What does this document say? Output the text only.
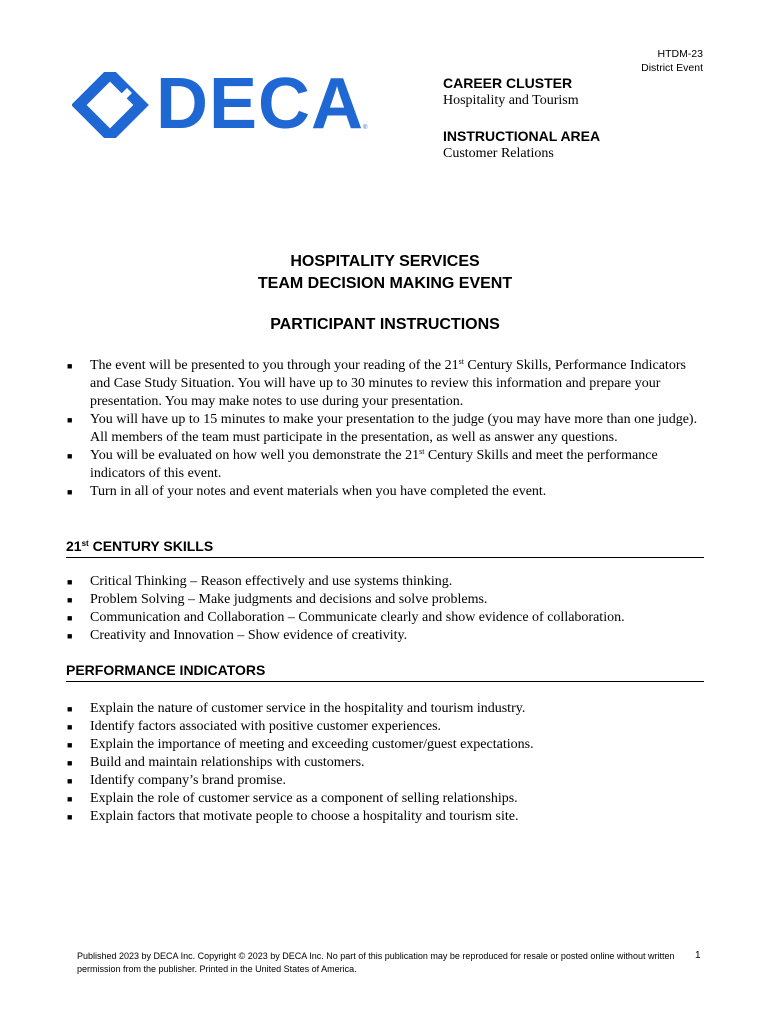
HTDM-23
District Event
DECA
®
CAREER CLUSTER
Hospitality and Tourism
INSTRUCTIONAL AREA
Customer Relations
HOSPITALITY SERVICES
TEAM DECISION MAKING EVENT
PARTICIPANT INSTRUCTIONS
■ The event will be presented to you through your reading of the 21st Century Skills, Performance Indicators and Case Study Situation. You will have up to 30 minutes to review this information and prepare your presentation. You may make notes to use during your presentation.
■ You will have up to 15 minutes to make your presentation to the judge (you may have more than one judge). All members of the team must participate in the presentation, as well as answer any questions.
■ You will be evaluated on how well you demonstrate the 21st Century Skills and meet the performance indicators of this event.
■ Turn in all of your notes and event materials when you have completed the event.
21st CENTURY SKILLS
■ Critical Thinking – Reason effectively and use systems thinking.
■ Problem Solving – Make judgments and decisions and solve problems.
■ Communication and Collaboration – Communicate clearly and show evidence of collaboration.
■ Creativity and Innovation – Show evidence of creativity.
PERFORMANCE INDICATORS
■ Explain the nature of customer service in the hospitality and tourism industry.
■ Identify factors associated with positive customer experiences.
■ Explain the importance of meeting and exceeding customer/guest expectations.
■ Build and maintain relationships with customers.
■ Identify company’s brand promise.
■ Explain the role of customer service as a component of selling relationships.
■ Explain factors that motivate people to choose a hospitality and tourism site.
Published 2023 by DECA Inc. Copyright © 2023 by DECA Inc. No part of this publication may be reproduced for resale or posted online without written permission from the publisher. Printed in the United States of America.
1
